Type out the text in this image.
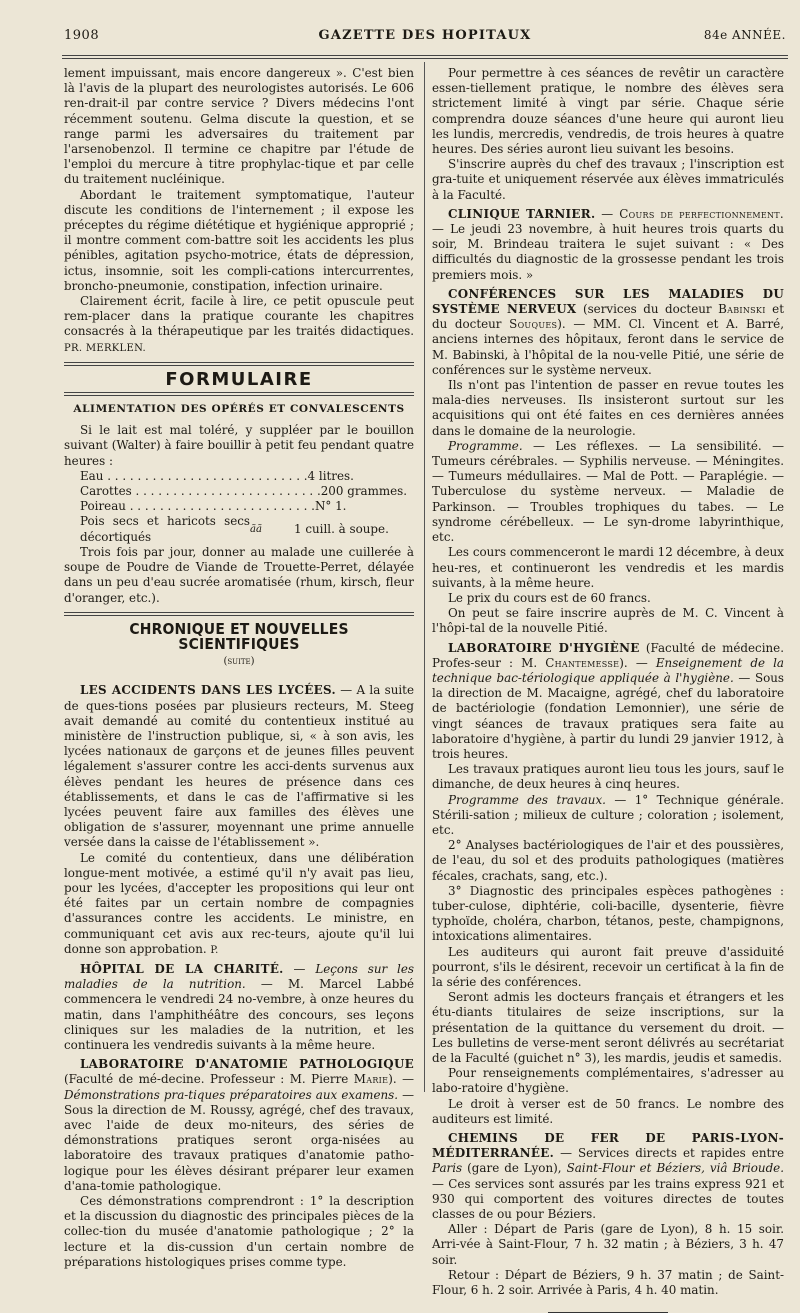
1908	GAZETTE DES HOPITAUX	84e ANNÉE.

lement impuissant, mais encore dangereux ». C'est bien là l'avis de la plupart des neurologistes autorisés. Le 606 ren-drait-il par contre service ? Divers médecins l'ont récemment soutenu. Gelma discute la question, et se range parmi les adversaires du traitement par l'arsenobenzol. Il termine ce chapitre par l'étude de l'emploi du mercure à titre prophylac-tique et par celle du traitement nucléinique.

Abordant le traitement symptomatique, l'auteur discute les conditions de l'internement ; il expose les préceptes du régime diététique et hygiénique approprié ; il montre comment com-battre soit les accidents les plus pénibles, agitation psycho-motrice, états de dépression, ictus, insomnie, soit les compli-cations intercurrentes, broncho-pneumonie, constipation, infection urinaire.

Clairement écrit, facile à lire, ce petit opuscule peut rem-placer dans la pratique courante les chapitres consacrés à la thérapeutique par les traités didactiques. PR. MERKLEN.

FORMULAIRE
ALIMENTATION DES OPÉRÉS ET CONVALESCENTS

Si le lait est mal toléré, y suppléer par le bouillon suivant (Walter) à faire bouillir à petit feu pendant quatre heures :

Eau . . . . . . . . . . . . . . . . . . . . . . . . . . . 4 litres.
Carottes . . . . . . . . . . . . . . . . . . . . . . . . . 200 grammes.
Poireau . . . . . . . . . . . . . . . . . . . . . . . . . N° 1.
Pois secs et haricots secs décortiqués
ãã	1 cuill. à soupe.

Trois fois par jour, donner au malade une cuillerée à soupe de Poudre de Viande de Trouette-Perret, délayée dans un peu d'eau sucrée aromatisée (rhum, kirsch, fleur d'oranger, etc.).

CHRONIQUE ET NOUVELLES SCIENTIFIQUES
(suite)

LES ACCIDENTS DANS LES LYCÉES. — A la suite de ques-tions posées par plusieurs recteurs, M. Steeg avait demandé au comité du contentieux institué au ministère de l'instruction publique, si, « à son avis, les lycées nationaux de garçons et de jeunes filles peuvent légalement s'assurer contre les acci-dents survenus aux élèves pendant les heures de présence dans ces établissements, et dans le cas de l'affirmative si les lycées peuvent faire aux familles des élèves une obligation de s'assurer, moyennant une prime annuelle versée dans la caisse de l'établissement ».

Le comité du contentieux, dans une délibération longue-ment motivée, a estimé qu'il n'y avait pas lieu, pour les lycées, d'accepter les propositions qui leur ont été faites par un certain nombre de compagnies d'assurances contre les accidents. Le ministre, en communiquant cet avis aux rec-teurs, ajoute qu'il lui donne son approbation. P.

HÔPITAL DE LA CHARITÉ. — Leçons sur les maladies de la nutrition. — M. Marcel Labbé commencera le vendredi 24 no-vembre, à onze heures du matin, dans l'amphithéâtre des concours, ses leçons cliniques sur les maladies de la nutrition, et les continuera les vendredis suivants à la même heure.

LABORATOIRE D'ANATOMIE PATHOLOGIQUE (Faculté de mé-decine. Professeur : M. Pierre Marie). — Démonstrations pra-tiques préparatoires aux examens. — Sous la direction de M. Roussy, agrégé, chef des travaux, avec l'aide de deux mo-niteurs, des séries de démonstrations pratiques seront orga-nisées au laboratoire des travaux pratiques d'anatomie patho-logique pour les élèves désirant préparer leur examen d'ana-tomie pathologique.

Ces démonstrations comprendront : 1° la description et la discussion du diagnostic des principales pièces de la collec-tion du musée d'anatomie pathologique ; 2° la lecture et la dis-cussion d'un certain nombre de préparations histologiques prises comme type.

Pour permettre à ces séances de revêtir un caractère essen-tiellement pratique, le nombre des élèves sera strictement limité à vingt par série. Chaque série comprendra douze séances d'une heure qui auront lieu les lundis, mercredis, vendredis, de trois heures à quatre heures. Des séries auront lieu suivant les besoins.

S'inscrire auprès du chef des travaux ; l'inscription est gra-tuite et uniquement réservée aux élèves immatriculés à la Faculté.

CLINIQUE TARNIER. — Cours de perfectionnement. — Le jeudi 23 novembre, à huit heures trois quarts du soir, M. Brindeau traitera le sujet suivant : « Des difficultés du diagnostic de la grossesse pendant les trois premiers mois. »

CONFÉRENCES SUR LES MALADIES DU SYSTÈME NERVEUX (services du docteur Babinski et du docteur Souques). — MM. Cl. Vincent et A. Barré, anciens internes des hôpitaux, feront dans le service de M. Babinski, à l'hôpital de la nou-velle Pitié, une série de conférences sur le système nerveux.

Ils n'ont pas l'intention de passer en revue toutes les mala-dies nerveuses. Ils insisteront surtout sur les acquisitions qui ont été faites en ces dernières années dans le domaine de la neurologie.

Programme. — Les réflexes. — La sensibilité. — Tumeurs cérébrales. — Syphilis nerveuse. — Méningites. — Tumeurs médullaires. — Mal de Pott. — Paraplégie. — Tuberculose du système nerveux. — Maladie de Parkinson. — Troubles trophiques du tabes. — Le syndrome cérébelleux. — Le syn-drome labyrinthique, etc.

Les cours commenceront le mardi 12 décembre, à deux heu-res, et continueront les vendredis et les mardis suivants, à la même heure.

Le prix du cours est de 60 francs.

On peut se faire inscrire auprès de M. C. Vincent à l'hôpi-tal de la nouvelle Pitié.

LABORATOIRE D'HYGIÈNE (Faculté de médecine. Profes-seur : M. Chantemesse). — Enseignement de la technique bac-tériologique appliquée à l'hygiène. — Sous la direction de M. Macaigne, agrégé, chef du laboratoire de bactériologie (fondation Lemonnier), une série de vingt séances de travaux pratiques sera faite au laboratoire d'hygiène, à partir du lundi 29 janvier 1912, à trois heures.

Les travaux pratiques auront lieu tous les jours, sauf le dimanche, de deux heures à cinq heures.

Programme des travaux. — 1° Technique générale. Stérili-sation ; milieux de culture ; coloration ; isolement, etc.

2° Analyses bactériologiques de l'air et des poussières, de l'eau, du sol et des produits pathologiques (matières fécales, crachats, sang, etc.).

3° Diagnostic des principales espèces pathogènes : tuber-culose, diphtérie, coli-bacille, dysenterie, fièvre typhoïde, choléra, charbon, tétanos, peste, champignons, intoxications alimentaires.

Les auditeurs qui auront fait preuve d'assiduité pourront, s'ils le désirent, recevoir un certificat à la fin de la série des conférences.

Seront admis les docteurs français et étrangers et les étu-diants titulaires de seize inscriptions, sur la présentation de la quittance du versement du droit. — Les bulletins de verse-ment seront délivrés au secrétariat de la Faculté (guichet n° 3), les mardis, jeudis et samedis.

Pour renseignements complémentaires, s'adresser au labo-ratoire d'hygiène.

Le droit à verser est de 50 francs. Le nombre des auditeurs est limité.

CHEMINS DE FER DE PARIS-LYON-MÉDITERRANÉE. — Services directs et rapides entre Paris (gare de Lyon), Saint-Flour et Béziers, viâ Brioude. — Ces services sont assurés par les trains express 921 et 930 qui comportent des voitures directes de toutes classes de ou pour Béziers.

Aller : Départ de Paris (gare de Lyon), 8 h. 15 soir. Arri-vée à Saint-Flour, 7 h. 32 matin ; à Béziers, 3 h. 47 soir.

Retour : Départ de Béziers, 9 h. 37 matin ; de Saint-Flour, 6 h. 2 soir. Arrivée à Paris, 4 h. 40 matin.
